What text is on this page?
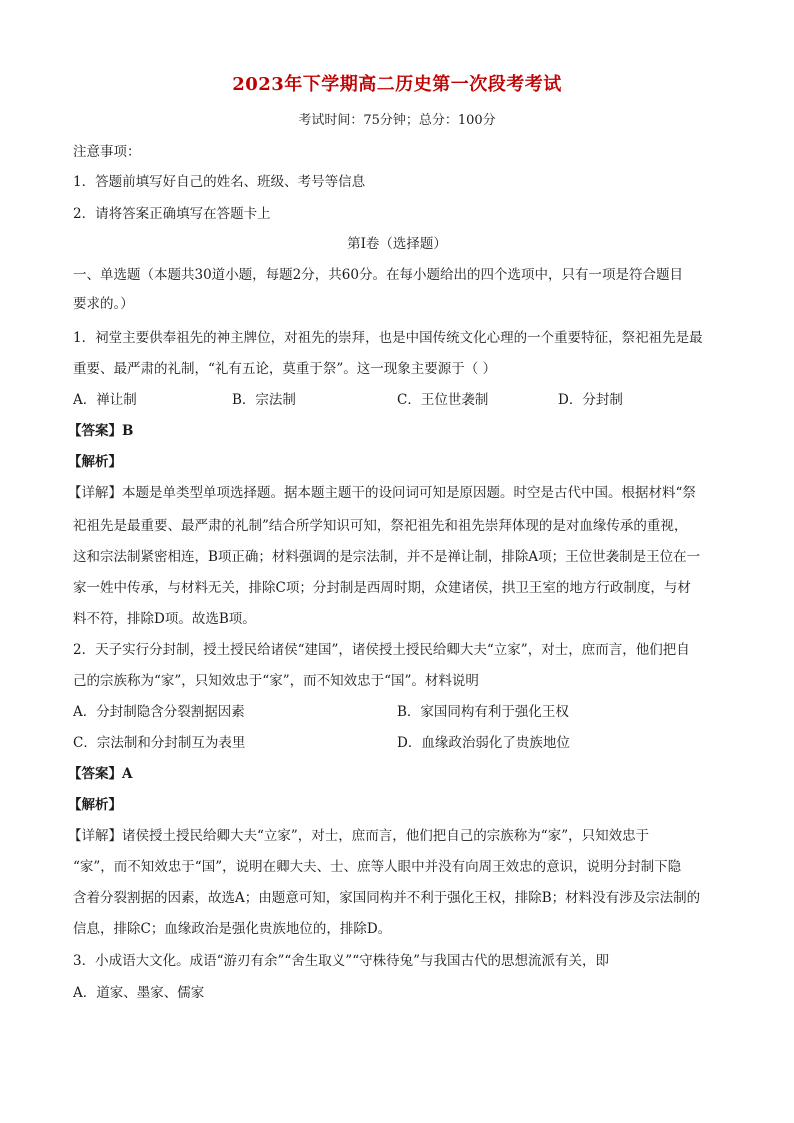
2023年下学期高二历史第一次段考考试
考试时间：75分钟；总分：100分
注意事项：
1．答题前填写好自己的姓名、班级、考号等信息
2．请将答案正确填写在答题卡上
第I卷（选择题）
一、单选题（本题共30道小题，每题2分，共60分。在每小题给出的四个选项中，只有一项是符合题目
要求的。）
1．祠堂主要供奉祖先的神主牌位，对祖先的崇拜，也是中国传统文化心理的一个重要特征，祭祀祖先是最
重要、最严肃的礼制，“礼有五论，莫重于祭”。这一现象主要源于（ ）
A．禅让制	B．宗法制	C．王位世袭制	D．分封制
【答案】B
【解析】
【详解】本题是单类型单项选择题。据本题主题干的设问词可知是原因题。时空是古代中国。根据材料“祭
祀祖先是最重要、最严肃的礼制”结合所学知识可知，祭祀祖先和祖先崇拜体现的是对血缘传承的重视，
这和宗法制紧密相连，B项正确；材料强调的是宗法制，并不是禅让制，排除A项；王位世袭制是王位在一
家一姓中传承，与材料无关，排除C项；分封制是西周时期，众建诸侯，拱卫王室的地方行政制度，与材
料不符，排除D项。故选B项。
2．天子实行分封制，授土授民给诸侯“建国”，诸侯授土授民给卿大夫“立家”，对士，庶而言，他们把自
己的宗族称为“家”，只知效忠于“家”，而不知效忠于“国”。材料说明
A．分封制隐含分裂割据因素	B．家国同构有利于强化王权
C．宗法制和分封制互为表里	D．血缘政治弱化了贵族地位
【答案】A
【解析】
【详解】诸侯授土授民给卿大夫“立家”，对士，庶而言，他们把自己的宗族称为“家”，只知效忠于
“家”，而不知效忠于“国”，说明在卿大夫、士、庶等人眼中并没有向周王效忠的意识，说明分封制下隐
含着分裂割据的因素，故选A；由题意可知，家国同构并不利于强化王权，排除B；材料没有涉及宗法制的
信息，排除C；血缘政治是强化贵族地位的，排除D。
3．小成语大文化。成语“游刃有余”“舍生取义”“守株待兔”与我国古代的思想流派有关，即
A．道家、墨家、儒家
